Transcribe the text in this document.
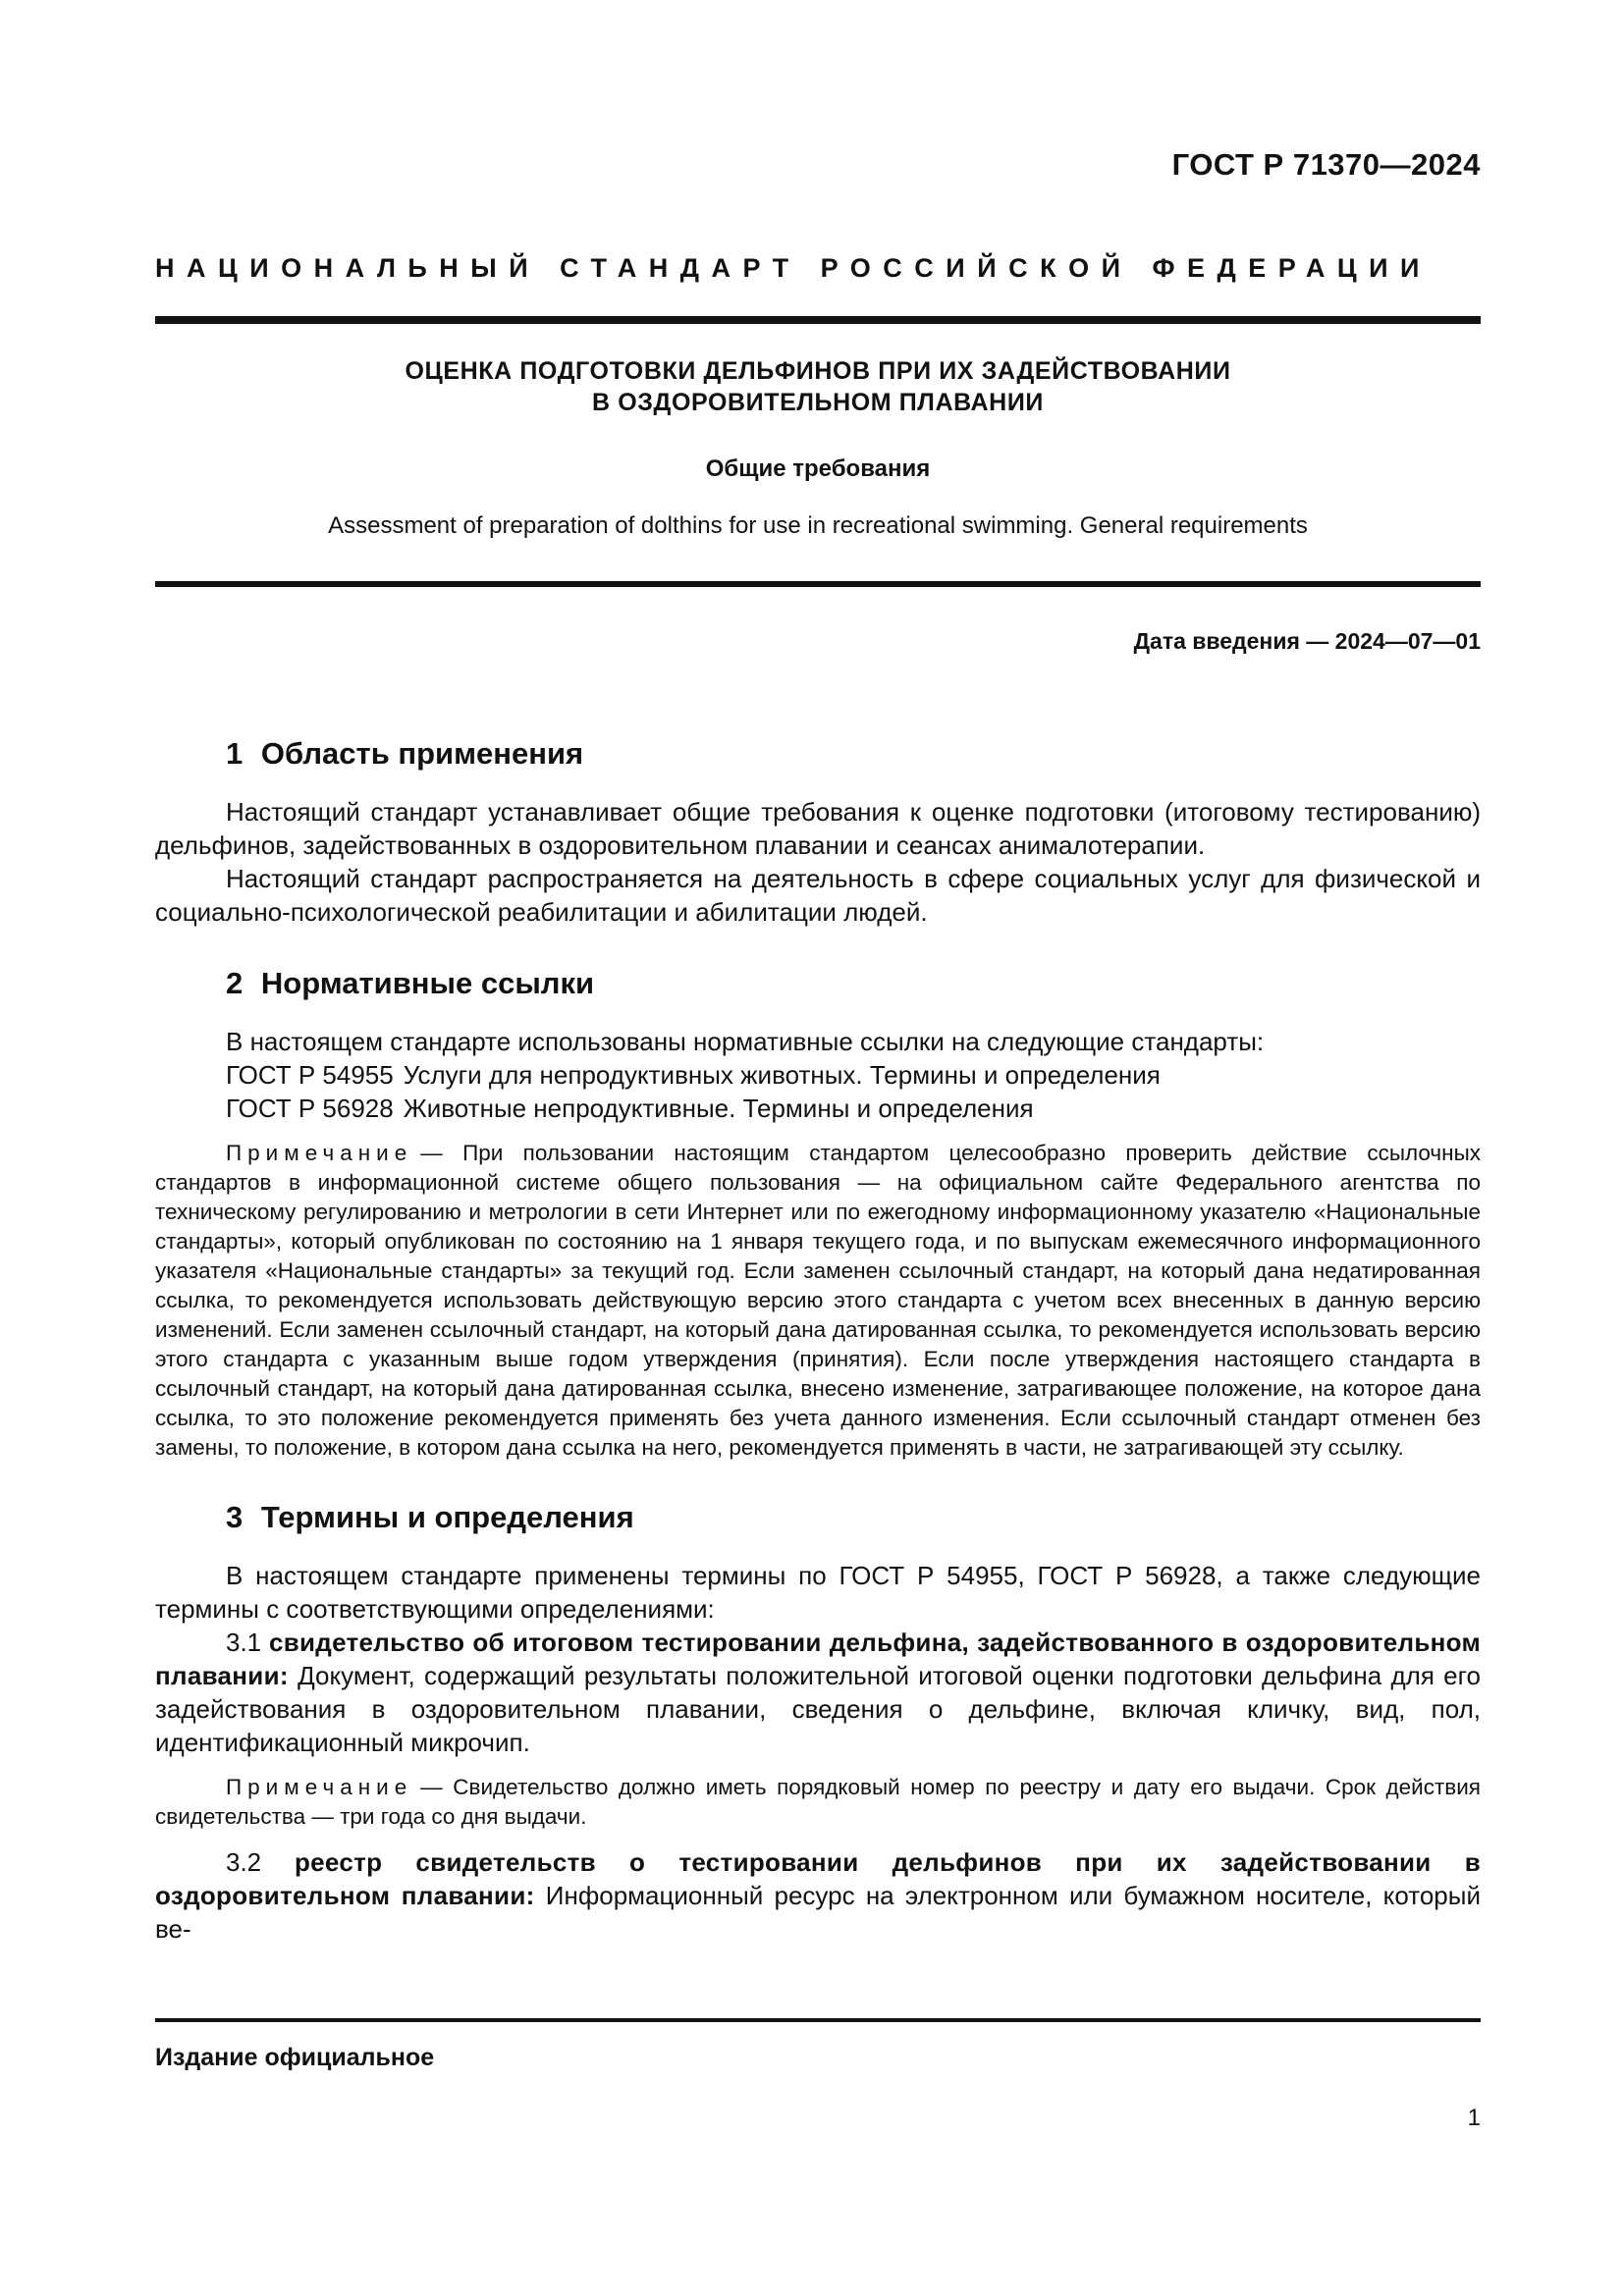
ГОСТ Р 71370—2024
НАЦИОНАЛЬНЫЙ СТАНДАРТ РОССИЙСКОЙ ФЕДЕРАЦИИ
ОЦЕНКА ПОДГОТОВКИ ДЕЛЬФИНОВ ПРИ ИХ ЗАДЕЙСТВОВАНИИ
В ОЗДОРОВИТЕЛЬНОМ ПЛАВАНИИ
Общие требования
Assessment of preparation of dolthins for use in recreational swimming. General requirements
Дата введения — 2024—07—01
1 Область применения

Настоящий стандарт устанавливает общие требования к оценке подготовки (итоговому тестированию) дельфинов, задействованных в оздоровительном плавании и сеансах анималотерапии.

Настоящий стандарт распространяется на деятельность в сфере социальных услуг для физической и социально-психологической реабилитации и абилитации людей.

2 Нормативные ссылки

В настоящем стандарте использованы нормативные ссылки на следующие стандарты:

ГОСТ Р 54955 Услуги для непродуктивных животных. Термины и определения

ГОСТ Р 56928 Животные непродуктивные. Термины и определения

Примечание — При пользовании настоящим стандартом целесообразно проверить действие ссылочных стандартов в информационной системе общего пользования — на официальном сайте Федерального агентства по техническому регулированию и метрологии в сети Интернет или по ежегодному информационному указателю «Национальные стандарты», который опубликован по состоянию на 1 января текущего года, и по выпускам ежемесячного информационного указателя «Национальные стандарты» за текущий год. Если заменен ссылочный стандарт, на который дана недатированная ссылка, то рекомендуется использовать действующую версию этого стандарта с учетом всех внесенных в данную версию изменений. Если заменен ссылочный стандарт, на который дана датированная ссылка, то рекомендуется использовать версию этого стандарта с указанным выше годом утверждения (принятия). Если после утверждения настоящего стандарта в ссылочный стандарт, на который дана датированная ссылка, внесено изменение, затрагивающее положение, на которое дана ссылка, то это положение рекомендуется применять без учета данного изменения. Если ссылочный стандарт отменен без замены, то положение, в котором дана ссылка на него, рекомендуется применять в части, не затрагивающей эту ссылку.

3 Термины и определения

В настоящем стандарте применены термины по ГОСТ Р 54955, ГОСТ Р 56928, а также следующие термины с соответствующими определениями:

3.1 свидетельство об итоговом тестировании дельфина, задействованного в оздоровительном плавании: Документ, содержащий результаты положительной итоговой оценки подготовки дельфина для его задействования в оздоровительном плавании, сведения о дельфине, включая кличку, вид, пол, идентификационный микрочип.

Примечание — Свидетельство должно иметь порядковый номер по реестру и дату его выдачи. Срок действия свидетельства — три года со дня выдачи.

3.2 реестр свидетельств о тестировании дельфинов при их задействовании в оздоровительном плавании: Информационный ресурс на электронном или бумажном носителе, который ве-

Издание официальное
1
